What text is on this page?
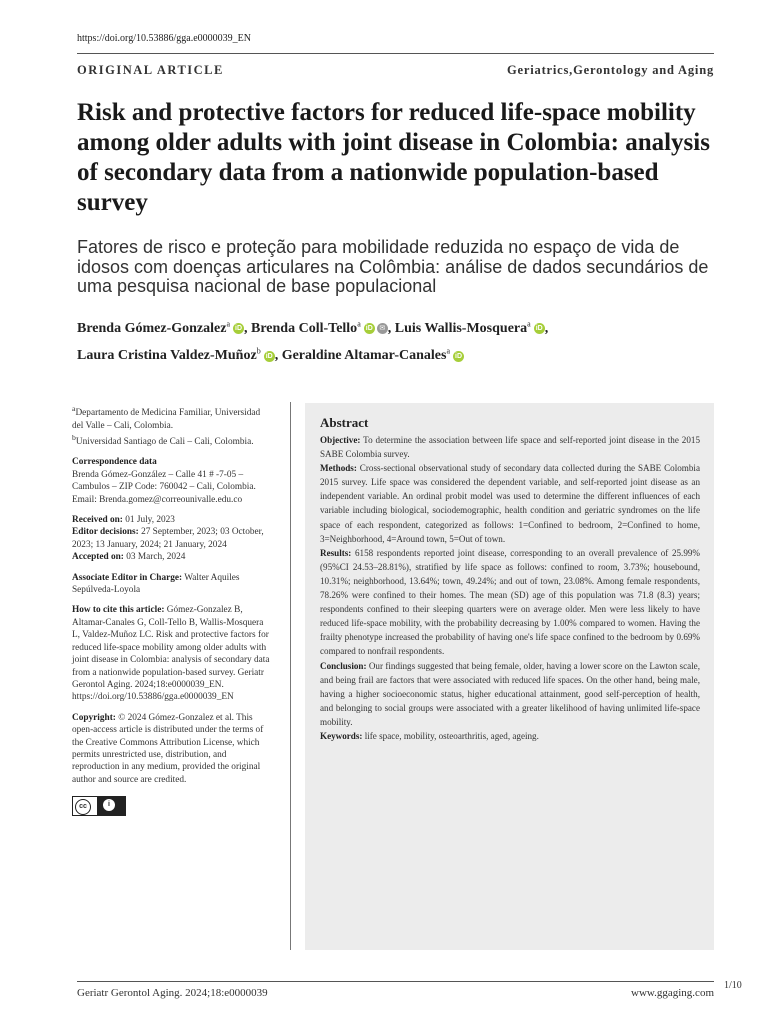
https://doi.org/10.53886/gga.e0000039_EN
ORIGINAL ARTICLE	Geriatrics,Gerontology and Aging
Risk and protective factors for reduced life-space mobility among older adults with joint disease in Colombia: analysis of secondary data from a nationwide population-based survey
Fatores de risco e proteção para mobilidade reduzida no espaço de vida de idosos com doenças articulares na Colômbia: análise de dados secundários de uma pesquisa nacional de base populacional
Brenda Gómez-Gonzalez$^a$iD , Brenda Coll-Tello$^a$iD ✉ , Luis Wallis-Mosquera$^a$iD ,
Laura Cristina Valdez-Muñoz$^b$iD , Geraldine Altamar-Canales$^a$iD

$^a$Departamento de Medicina Familiar, Universidad del Valle – Cali, Colombia.
$^b$Universidad Santiago de Cali – Cali, Colombia.

Correspondence data
Brenda Gómez-González – Calle 41 # -7-05 – Cambulos – ZIP Code: 760042 – Cali, Colombia. Email: Brenda.gomez@correounivalle.edu.co

Received on: 01 July, 2023
Editor decisions: 27 September, 2023; 03 October, 2023; 13 January, 2024; 21 January, 2024
Accepted on: 03 March, 2024

Associate Editor in Charge: Walter Aquiles Sepúlveda-Loyola

How to cite this article: Gómez-Gonzalez B, Altamar-Canales G, Coll-Tello B, Wallis-Mosquera L, Valdez-Muñoz LC. Risk and protective factors for reduced life-space mobility among older adults with joint disease in Colombia: analysis of secondary data from a nationwide population-based survey. Geriatr Gerontol Aging. 2024;18:e0000039_EN. https://doi.org/10.53886/gga.e0000039_EN

Copyright: © 2024 Gómez-Gonzalez et al. This open-access article is distributed under the terms of the Creative Commons Attribution License, which permits unrestricted use, distribution, and reproduction in any medium, provided the original author and source are credited.

cc	i
Abstract

Objective: To determine the association between life space and self-reported joint disease in the 2015 SABE Colombia survey.

Methods: Cross-sectional observational study of secondary data collected during the SABE Colombia 2015 survey. Life space was considered the dependent variable, and self-reported joint disease as an independent variable. An ordinal probit model was used to determine the different influences of each variable including biological, sociodemographic, health condition and geriatric syndromes on the life space of each respondent, categorized as follows: 1=Confined to bedroom, 2=Confined to home, 3=Neighborhood, 4=Around town, 5=Out of town.

Results: 6158 respondents reported joint disease, corresponding to an overall prevalence of 25.99% (95%CI 24.53–28.81%), stratified by life space as follows: confined to room, 3.73%; housebound, 10.31%; neighborhood, 13.64%; town, 49.24%; and out of town, 23.08%. Among female respondents, 78.26% were confined to their homes. The mean (SD) age of this population was 71.8 (8.3) years; respondents confined to their sleeping quarters were on average older. Men were less likely to have reduced life-space mobility, with the probability decreasing by 1.00% compared to women. Having the frailty phenotype increased the probability of having one's life space confined to the bedroom by 0.69% compared to nonfrail respondents.

Conclusion: Our findings suggested that being female, older, having a lower score on the Lawton scale, and being frail are factors that were associated with reduced life spaces. On the other hand, being male, having a higher socioeconomic status, higher educational attainment, good self-perception of health, and belonging to social groups were associated with a greater likelihood of having unlimited life-space mobility.

Keywords: life space, mobility, osteoarthritis, aged, ageing.

Geriatr Gerontol Aging. 2024;18:e0000039	www.ggaging.com
1/10
